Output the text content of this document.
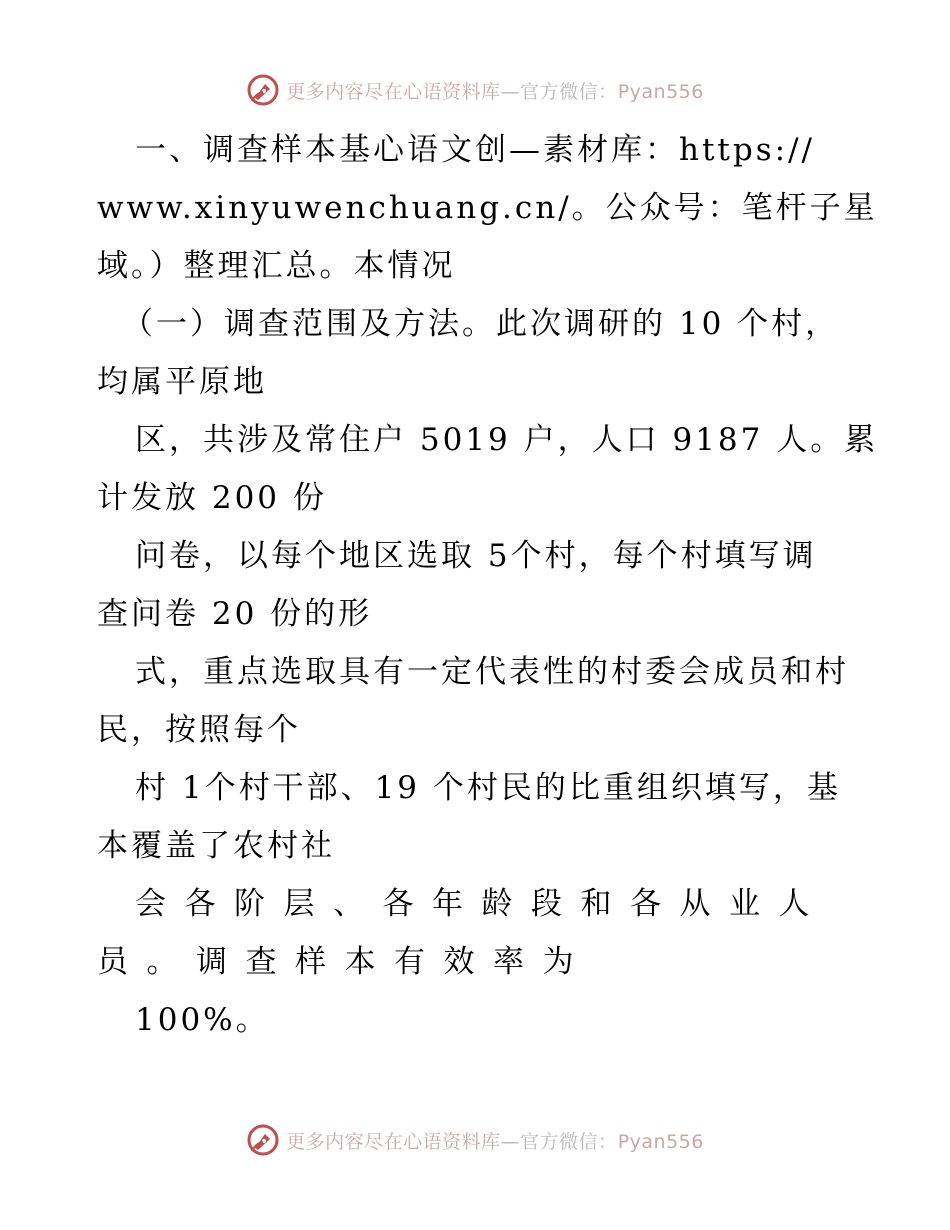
更多内容尽在心语资料库—官方微信：Pyan556
一、调查样本基心语文创—素材库：https://
www.xinyuwenchuang.cn/。公众号：笔杆子星
域。）整理汇总。本情况
（一）调查范围及方法。此次调研的 10 个村，
均属平原地
区，共涉及常住户 5019 户，人口 9187 人。累
计发放 200 份
问卷，以每个地区选取 5个村，每个村填写调
查问卷 20 份的形
式，重点选取具有一定代表性的村委会成员和村
民，按照每个
村 1个村干部、19 个村民的比重组织填写，基
本覆盖了农村社
会各阶层、各年龄段和各从业人
员。调查样本有效率为
100%。
更多内容尽在心语资料库—官方微信：Pyan556
